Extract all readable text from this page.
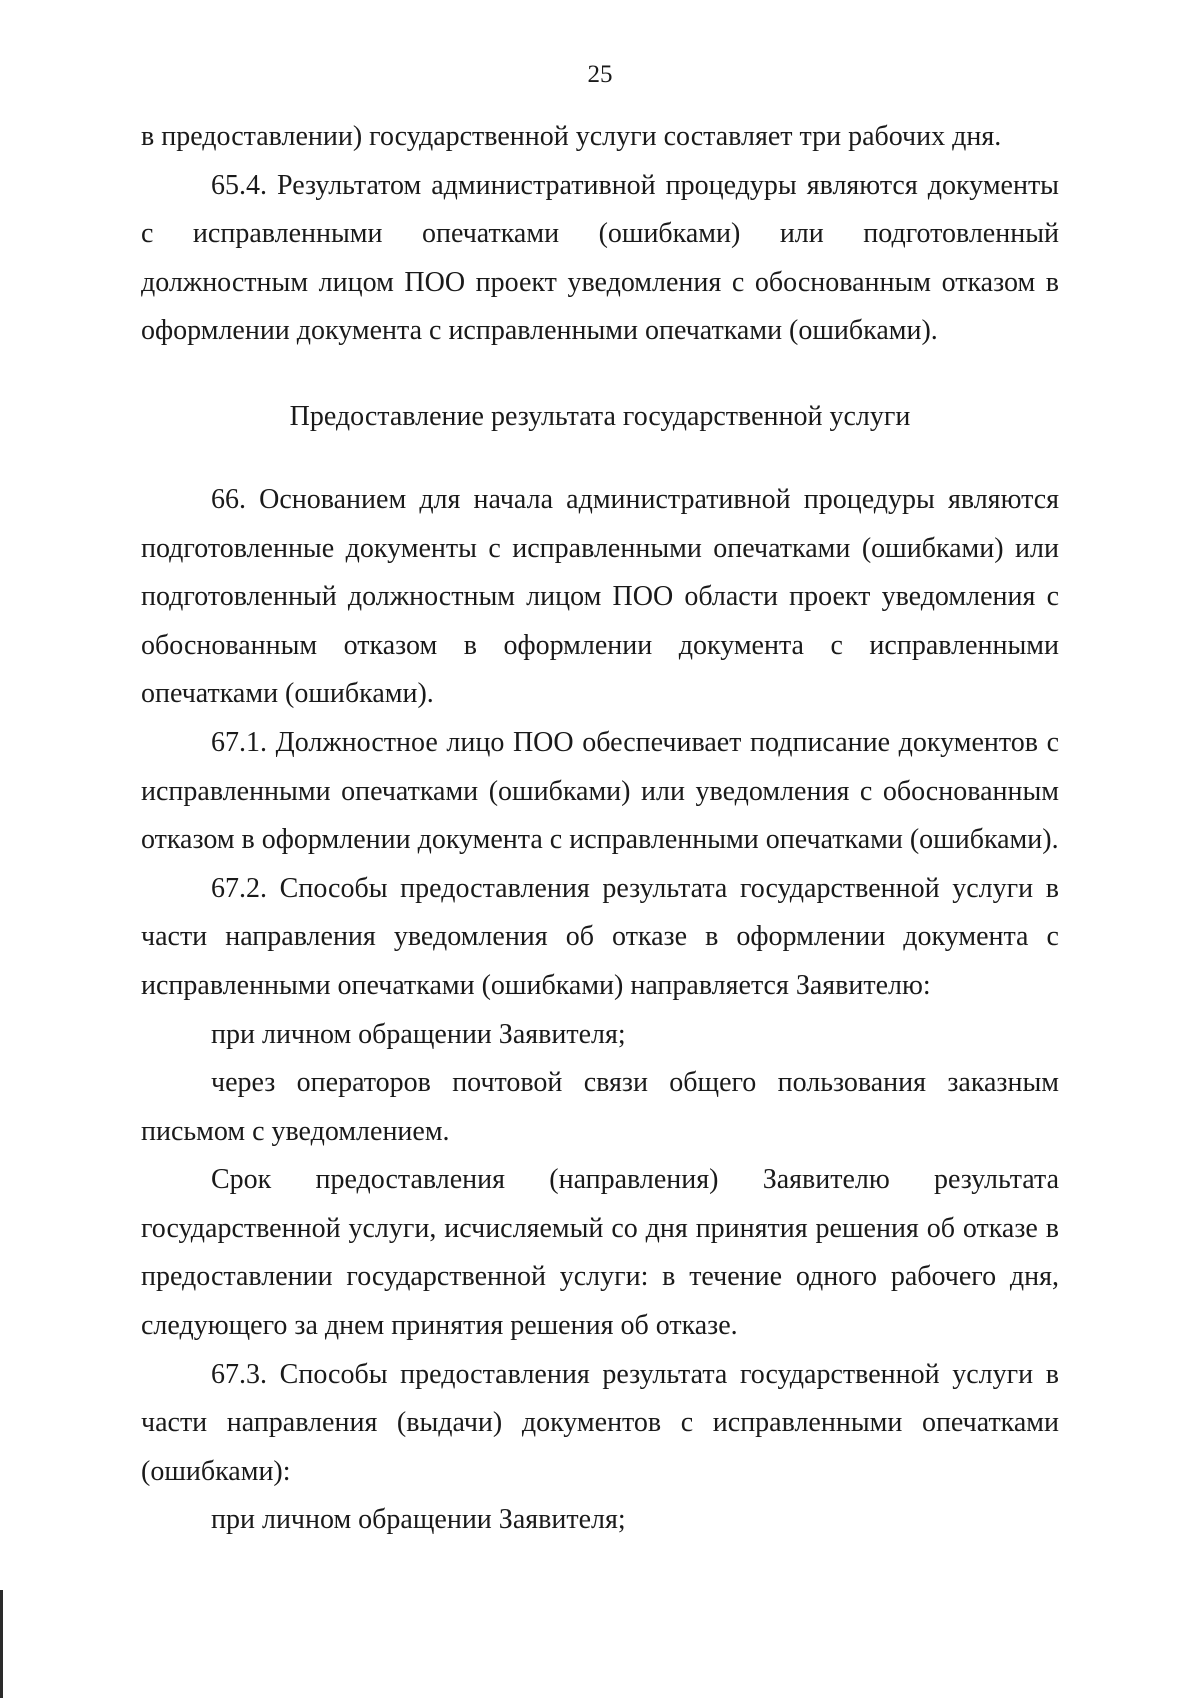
25

в предоставлении) государственной услуги составляет три рабочих дня.

65.4. Результатом административной процедуры являются документы с исправленными опечатками (ошибками) или подготовленный должностным лицом ПОО проект уведомления с обоснованным отказом в оформлении документа с исправленными опечатками (ошибками).

Предоставление результата государственной услуги

66. Основанием для начала административной процедуры являются подготовленные документы с исправленными опечатками (ошибками) или подготовленный должностным лицом ПОО области проект уведомления с обоснованным отказом в оформлении документа с исправленными опечатками (ошибками).

67.1. Должностное лицо ПОО обеспечивает подписание документов с исправленными опечатками (ошибками) или уведомления с обоснованным отказом в оформлении документа с исправленными опечатками (ошибками).

67.2. Способы предоставления результата государственной услуги в части направления уведомления об отказе в оформлении документа с исправленными опечатками (ошибками) направляется Заявителю:

при личном обращении Заявителя;

через операторов почтовой связи общего пользования заказным письмом с уведомлением.

Срок предоставления (направления) Заявителю результата государственной услуги, исчисляемый со дня принятия решения об отказе в предоставлении государственной услуги: в течение одного рабочего дня, следующего за днем принятия решения об отказе.

67.3. Способы предоставления результата государственной услуги в части направления (выдачи) документов с исправленными опечатками (ошибками):

при личном обращении Заявителя;
